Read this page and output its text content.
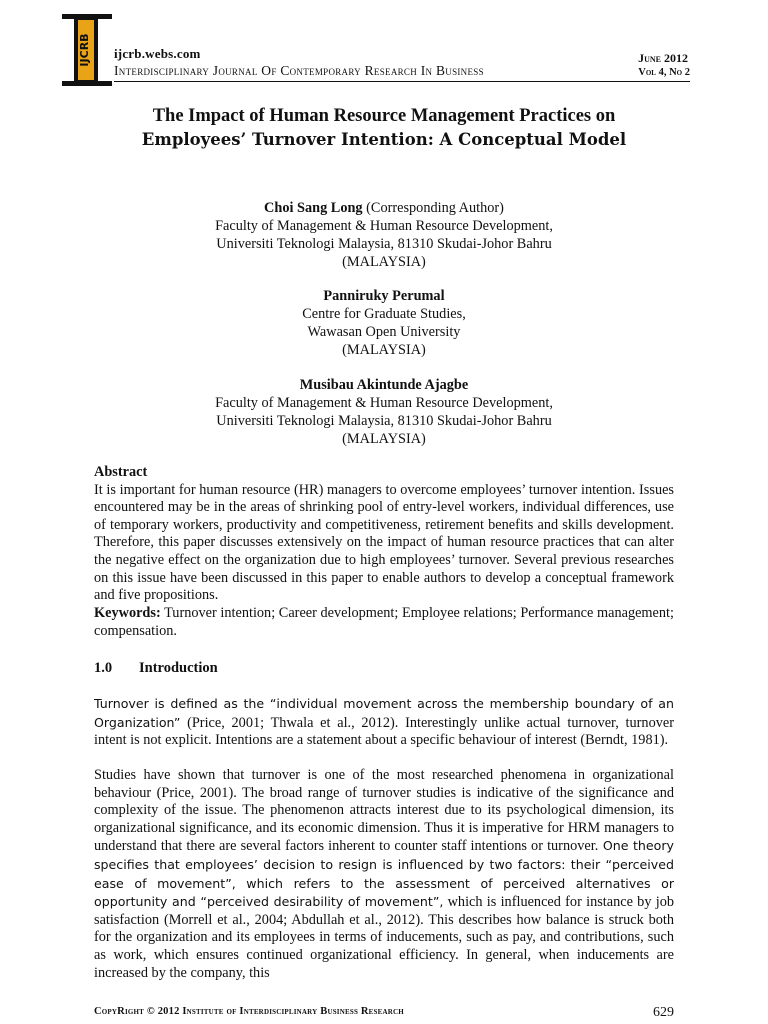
IJCRB ijcrb.webs.com
Interdisciplinary Journal Of Contemporary Research In Business
June 2012
Vol 4, No 2
The Impact of Human Resource Management Practices on
Employees’ Turnover Intention: A Conceptual Model
Choi Sang Long (Corresponding Author)
Faculty of Management & Human Resource Development,
Universiti Teknologi Malaysia, 81310 Skudai-Johor Bahru
(MALAYSIA)
Panniruky Perumal
Centre for Graduate Studies,
Wawasan Open University
(MALAYSIA)
Musibau Akintunde Ajagbe
Faculty of Management & Human Resource Development,
Universiti Teknologi Malaysia, 81310 Skudai-Johor Bahru
(MALAYSIA)
Abstract
It is important for human resource (HR) managers to overcome employees’ turnover intention. Issues encountered may be in the areas of shrinking pool of entry-level workers, individual differences, use of temporary workers, productivity and competitiveness, retirement benefits and skills development. Therefore, this paper discusses extensively on the impact of human resource practices that can alter the negative effect on the organization due to high employees’ turnover. Several previous researches on this issue have been discussed in this paper to enable authors to develop a conceptual framework and five propositions.
Keywords: Turnover intention; Career development; Employee relations; Performance management; compensation.
1.0 Introduction
Turnover is defined as the “individual movement across the membership boundary of an Organization” (Price, 2001; Thwala et al., 2012). Interestingly unlike actual turnover, turnover intent is not explicit. Intentions are a statement about a specific behaviour of interest (Berndt, 1981).
Studies have shown that turnover is one of the most researched phenomena in organizational behaviour (Price, 2001). The broad range of turnover studies is indicative of the significance and complexity of the issue. The phenomenon attracts interest due to its psychological dimension, its organizational significance, and its economic dimension. Thus it is imperative for HRM managers to understand that there are several factors inherent to counter staff intentions or turnover. One theory specifies that employees’ decision to resign is influenced by two factors: their “perceived ease of movement”, which refers to the assessment of perceived alternatives or opportunity and “perceived desirability of movement”, which is influenced for instance by job satisfaction (Morrell et al., 2004; Abdullah et al., 2012). This describes how balance is struck both for the organization and its employees in terms of inducements, such as pay, and contributions, such as work, which ensures continued organizational efficiency. In general, when inducements are increased by the company, this
CopyRight © 2012 Institute of Interdisciplinary Business Research	629
